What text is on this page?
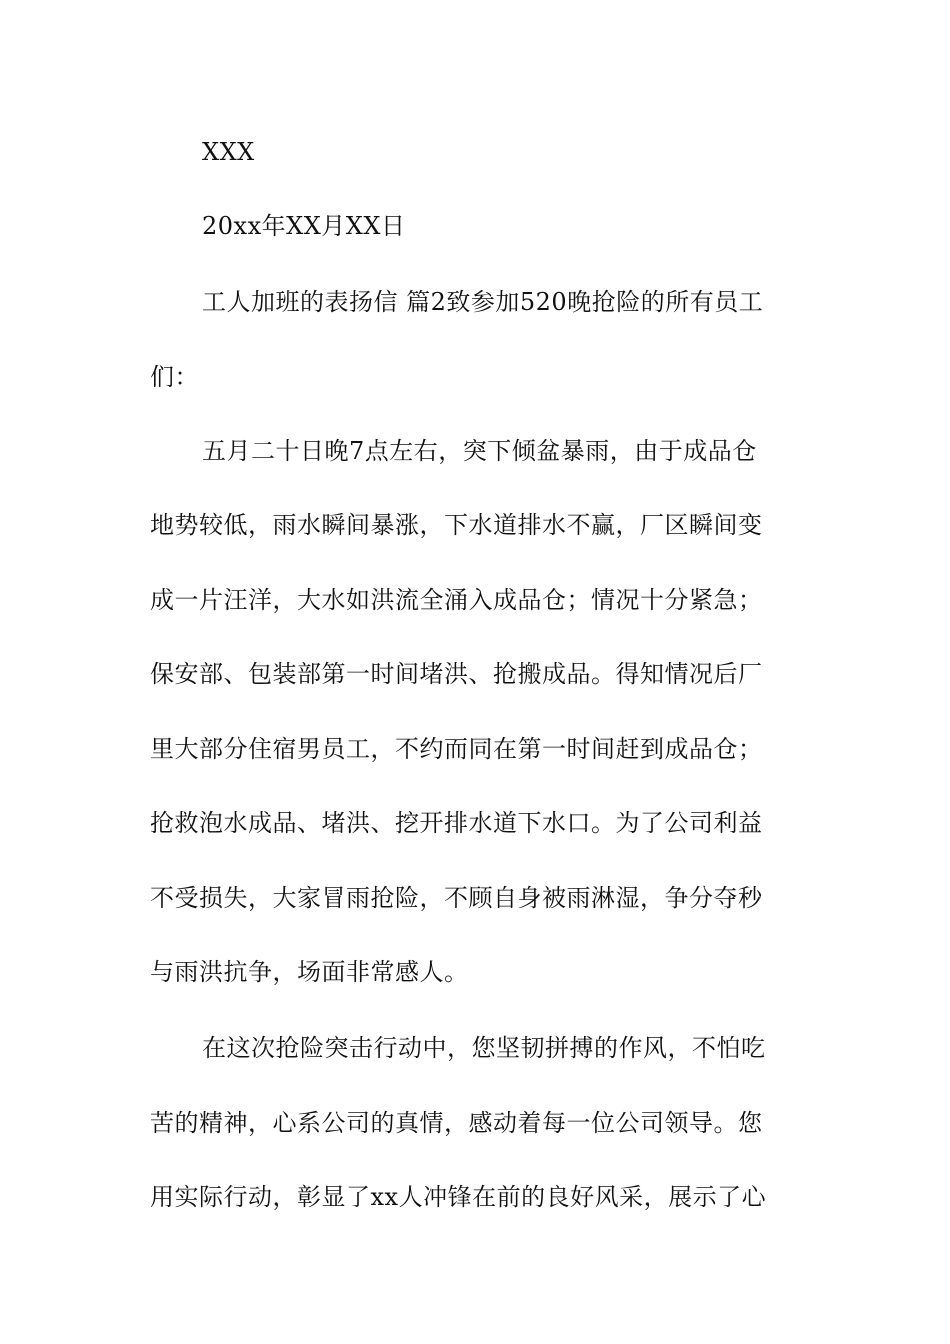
XXX
20xx年XX月XX日
工人加班的表扬信 篇2致参加520晚抢险的所有员工
们：
五月二十日晚7点左右，突下倾盆暴雨，由于成品仓
地势较低，雨水瞬间暴涨，下水道排水不赢，厂区瞬间变
成一片汪洋，大水如洪流全涌入成品仓；情况十分紧急；
保安部、包装部第一时间堵洪、抢搬成品。得知情况后厂
里大部分住宿男员工，不约而同在第一时间赶到成品仓；
抢救泡水成品、堵洪、挖开排水道下水口。为了公司利益
不受损失，大家冒雨抢险，不顾自身被雨淋湿，争分夺秒
与雨洪抗争，场面非常感人。
在这次抢险突击行动中，您坚韧拼搏的作风，不怕吃
苦的精神，心系公司的真情，感动着每一位公司领导。您
用实际行动，彰显了xx人冲锋在前的良好风采，展示了心
